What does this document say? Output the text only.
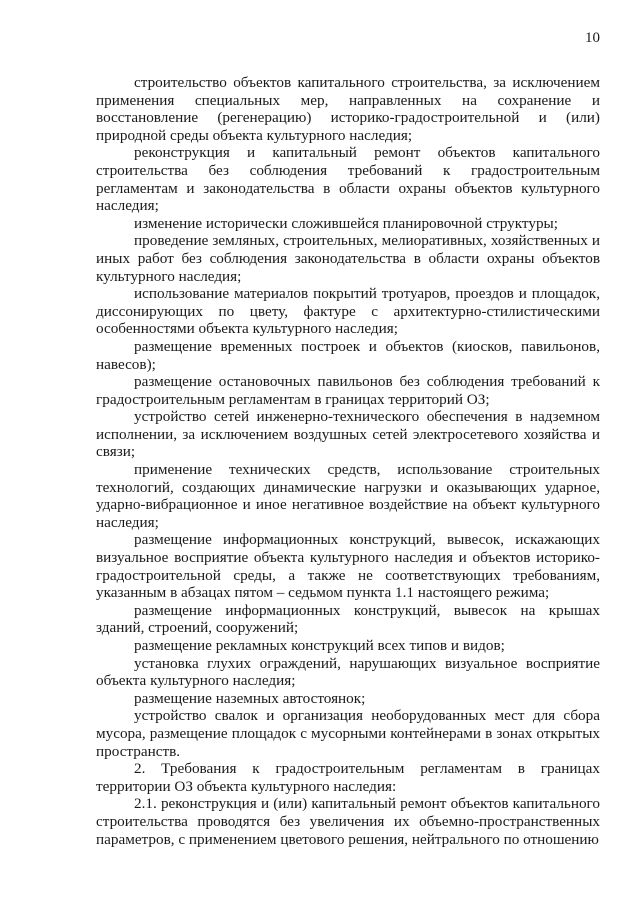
10

строительство объектов капитального строительства, за исключением применения специальных мер, направленных на сохранение и восстановление (регенерацию) историко-градостроительной и (или) природной среды объекта культурного наследия;

реконструкция и капитальный ремонт объектов капитального строительства без соблюдения требований к градостроительным регламентам и законодательства в области охраны объектов культурного наследия;

изменение исторически сложившейся планировочной структуры;

проведение земляных, строительных, мелиоративных, хозяйственных и иных работ без соблюдения законодательства в области охраны объектов культурного наследия;

использование материалов покрытий тротуаров, проездов и площадок, диссонирующих по цвету, фактуре с архитектурно-стилистическими особенностями объекта культурного наследия;

размещение временных построек и объектов (киосков, павильонов, навесов);

размещение остановочных павильонов без соблюдения требований к градостроительным регламентам в границах территорий ОЗ;

устройство сетей инженерно-технического обеспечения в надземном исполнении, за исключением воздушных сетей электросетевого хозяйства и связи;

применение технических средств, использование строительных технологий, создающих динамические нагрузки и оказывающих ударное, ударно-вибрационное и иное негативное воздействие на объект культурного наследия;

размещение информационных конструкций, вывесок, искажающих визуальное восприятие объекта культурного наследия и объектов историко-градостроительной среды, а также не соответствующих требованиям, указанным в абзацах пятом – седьмом пункта 1.1 настоящего режима;

размещение информационных конструкций, вывесок на крышах зданий, строений, сооружений;

размещение рекламных конструкций всех типов и видов;

установка глухих ограждений, нарушающих визуальное восприятие объекта культурного наследия;

размещение наземных автостоянок;

устройство свалок и организация необорудованных мест для сбора мусора, размещение площадок с мусорными контейнерами в зонах открытых пространств.

2. Требования к градостроительным регламентам в границах территории ОЗ объекта культурного наследия:

2.1. реконструкция и (или) капитальный ремонт объектов капитального строительства проводятся без увеличения их объемно-пространственных параметров, с применением цветового решения, нейтрального по отношению
